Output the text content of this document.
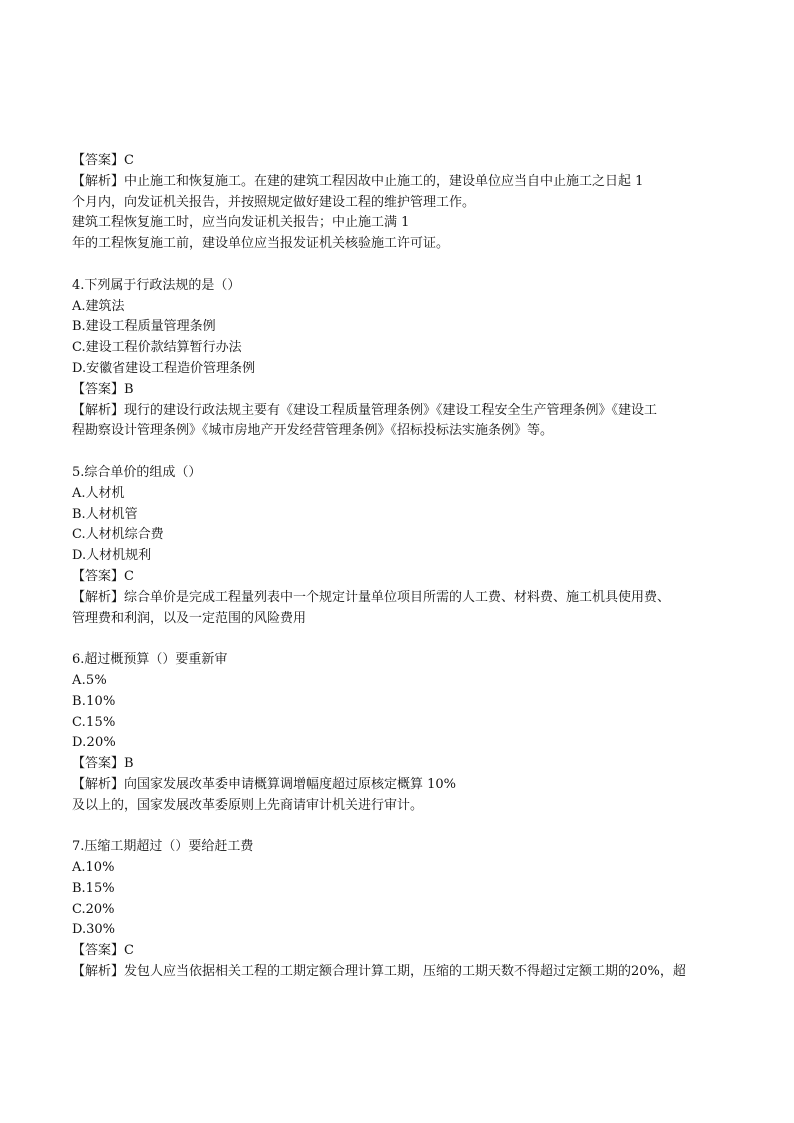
【答案】C
【解析】中止施工和恢复施工。在建的建筑工程因故中止施工的，建设单位应当自中止施工之日起 1
个月内，向发证机关报告，并按照规定做好建设工程的维护管理工作。
建筑工程恢复施工时，应当向发证机关报告；中止施工满 1
年的工程恢复施工前，建设单位应当报发证机关核验施工许可证。
4.下列属于行政法规的是（）
A.建筑法
B.建设工程质量管理条例
C.建设工程价款结算暂行办法
D.安徽省建设工程造价管理条例
【答案】B
【解析】现行的建设行政法规主要有《建设工程质量管理条例》《建设工程安全生产管理条例》《建设工
程勘察设计管理条例》《城市房地产开发经营管理条例》《招标投标法实施条例》等。
5.综合单价的组成（）
A.人材机
B.人材机管
C.人材机综合费
D.人材机规利
【答案】C
【解析】综合单价是完成工程量列表中一个规定计量单位项目所需的人工费、材料费、施工机具使用费、
管理费和利润，以及一定范围的风险费用
6.超过概预算（）要重新审
A.5%
B.10%
C.15%
D.20%
【答案】B
【解析】向国家发展改革委申请概算调增幅度超过原核定概算 10%
及以上的，国家发展改革委原则上先商请审计机关进行审计。
7.压缩工期超过（）要给赶工费
A.10%
B.15%
C.20%
D.30%
【答案】C
【解析】发包人应当依据相关工程的工期定额合理计算工期，压缩的工期天数不得超过定额工期的20%，超
